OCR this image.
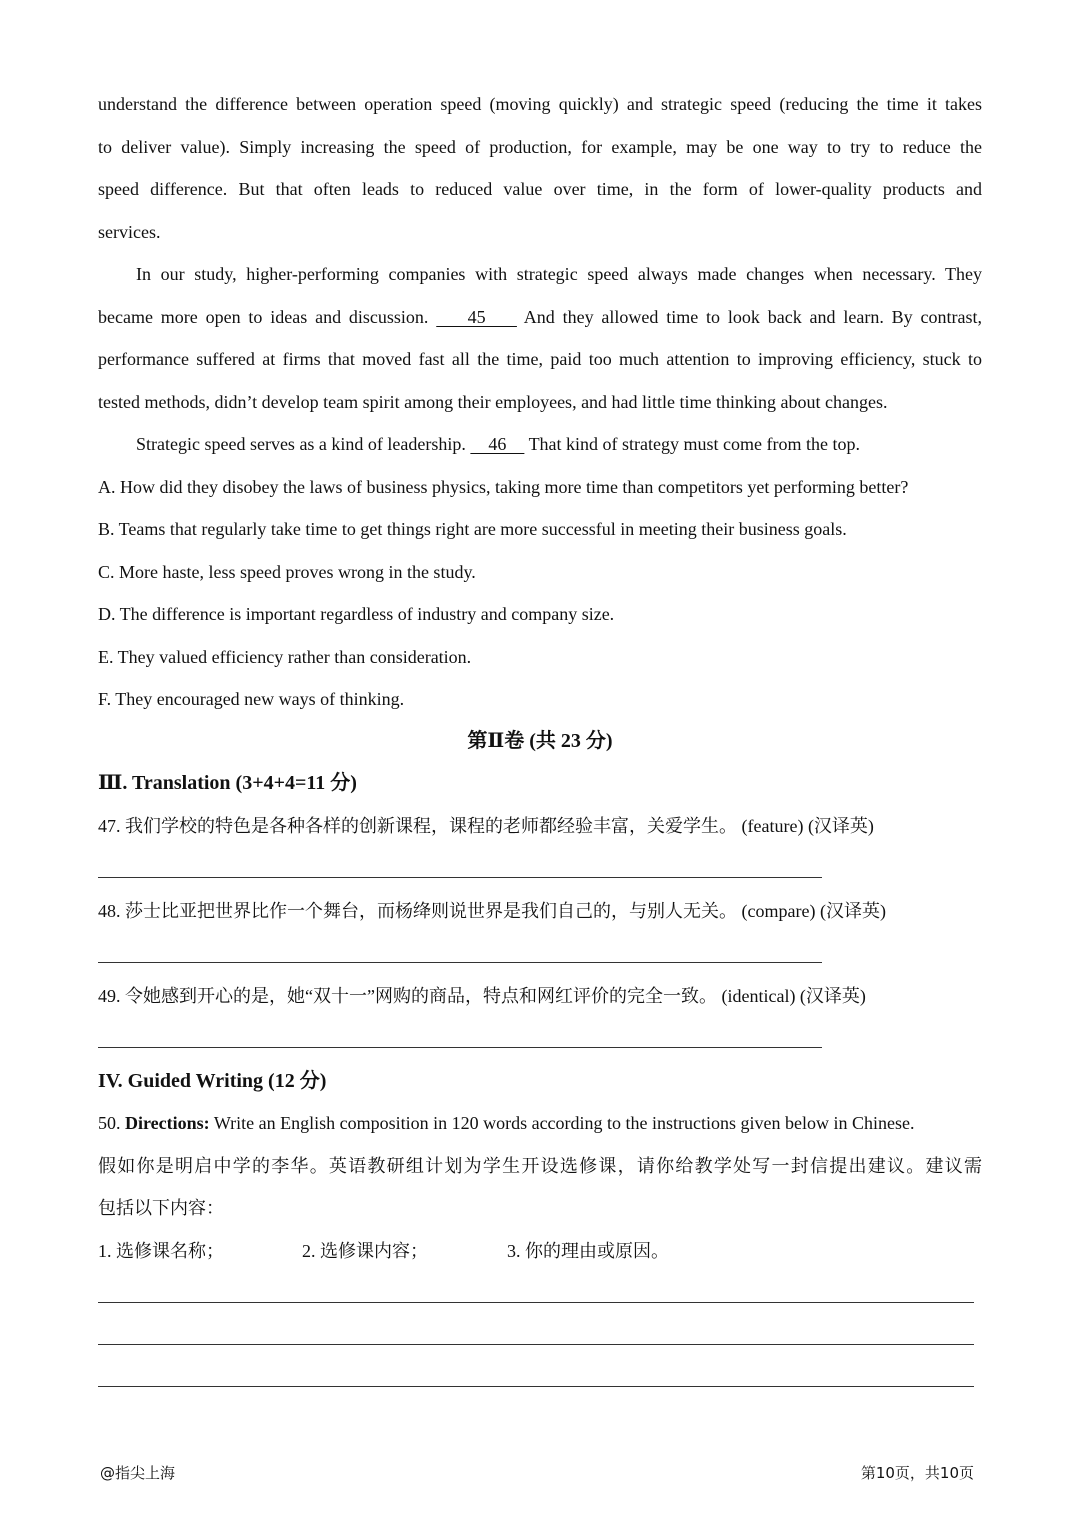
understand the difference between operation speed (moving quickly) and strategic speed (reducing the time it takes
to deliver value). Simply increasing the speed of production, for example, may be one way to try to reduce the
speed difference. But that often leads to reduced value over time, in the form of lower-quality products and
services.
In our study, higher-performing companies with strategic speed always made changes when necessary. They
became more open to ideas and discussion.     45     And they allowed time to look back and learn. By contrast,
performance suffered at firms that moved fast all the time, paid too much attention to improving efficiency, stuck to
tested methods, didn’t develop team spirit among their employees, and had little time thinking about changes.
Strategic speed serves as a kind of leadership.     46     That kind of strategy must come from the top.
A. How did they disobey the laws of business physics, taking more time than competitors yet performing better?
B. Teams that regularly take time to get things right are more successful in meeting their business goals.
C. More haste, less speed proves wrong in the study.
D. The difference is important regardless of industry and company size.
E. They valued efficiency rather than consideration.
F. They encouraged new ways of thinking.
第Ⅱ卷 (共 23 分)
Ⅲ. Translation (3+4+4=11 分)
47. 我们学校的特色是各种各样的创新课程，课程的老师都经验丰富，关爱学生。 (feature) (汉译英)
48. 莎士比亚把世界比作一个舞台，而杨绛则说世界是我们自己的，与别人无关。 (compare) (汉译英)
49. 令她感到开心的是，她“双十一”网购的商品，特点和网红评价的完全一致。 (identical) (汉译英)
IV. Guided Writing (12 分)
50. Directions: Write an English composition in 120 words according to the instructions given below in Chinese.
假如你是明启中学的李华。英语教研组计划为学生开设选修课，请你给教学处写一封信提出建议。建议需
包括以下内容：
1. 选修课名称；	2. 选修课内容；	3. 你的理由或原因。
@指尖上海	第10页，共10页
